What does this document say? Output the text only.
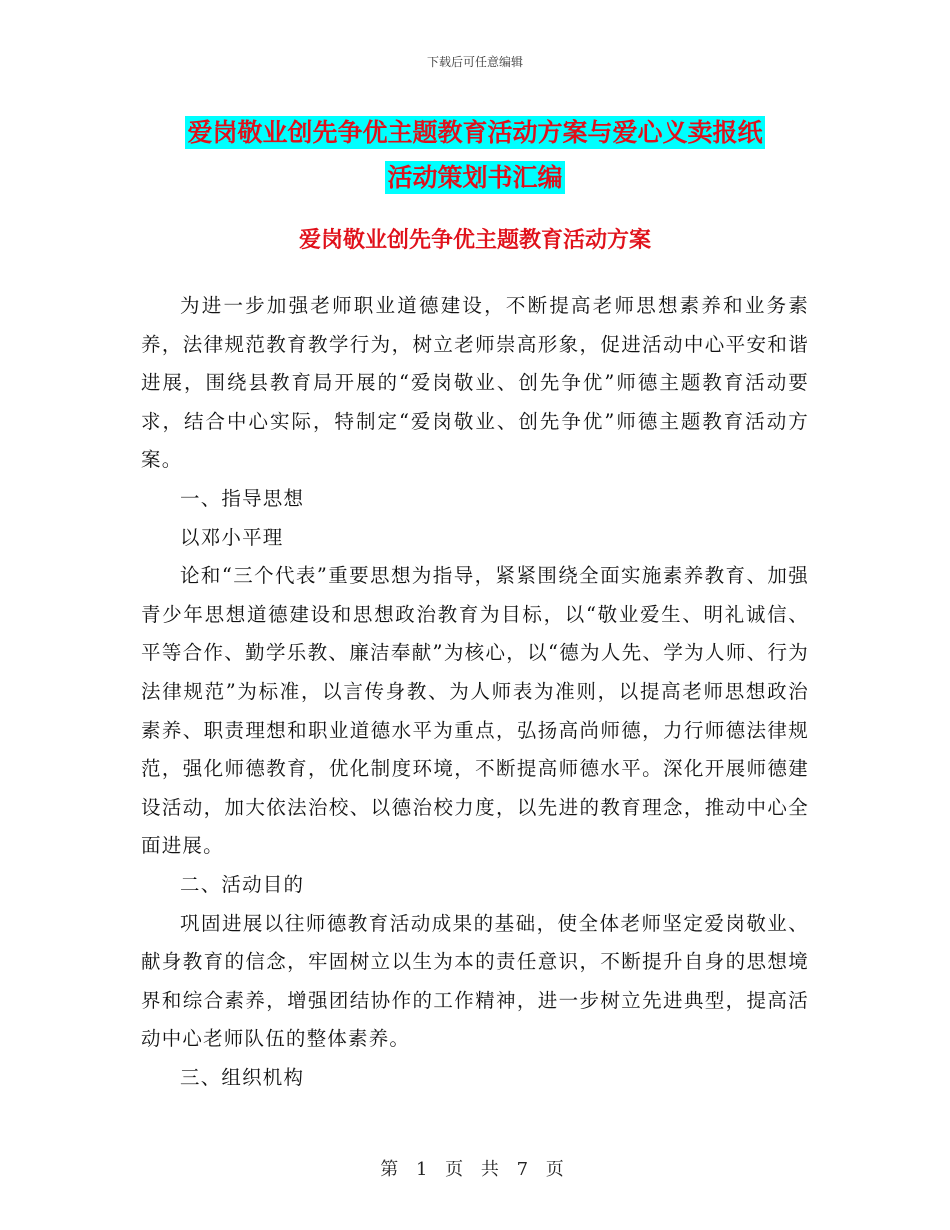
下载后可任意编辑
爱岗敬业创先争优主题教育活动方案与爱心义卖报纸
活动策划书汇编
爱岗敬业创先争优主题教育活动方案

为进一步加强老师职业道德建设，不断提高老师思想素养和业务素养，法律规范教育教学行为，树立老师崇高形象，促进活动中心平安和谐进展，围绕县教育局开展的“爱岗敬业、创先争优”师德主题教育活动要求，结合中心实际，特制定“爱岗敬业、创先争优”师德主题教育活动方案。

一、指导思想

以邓小平理

论和“三个代表”重要思想为指导，紧紧围绕全面实施素养教育、加强青少年思想道德建设和思想政治教育为目标，以“敬业爱生、明礼诚信、平等合作、勤学乐教、廉洁奉献”为核心，以“德为人先、学为人师、行为法律规范”为标准，以言传身教、为人师表为准则，以提高老师思想政治素养、职责理想和职业道德水平为重点，弘扬高尚师德，力行师德法律规范，强化师德教育，优化制度环境，不断提高师德水平。深化开展师德建设活动，加大依法治校、以德治校力度，以先进的教育理念，推动中心全面进展。

二、活动目的

巩固进展以往师德教育活动成果的基础，使全体老师坚定爱岗敬业、献身教育的信念，牢固树立以生为本的责任意识，不断提升自身的思想境界和综合素养，增强团结协作的工作精神，进一步树立先进典型，提高活动中心老师队伍的整体素养。

三、组织机构

第 1 页 共 7 页
